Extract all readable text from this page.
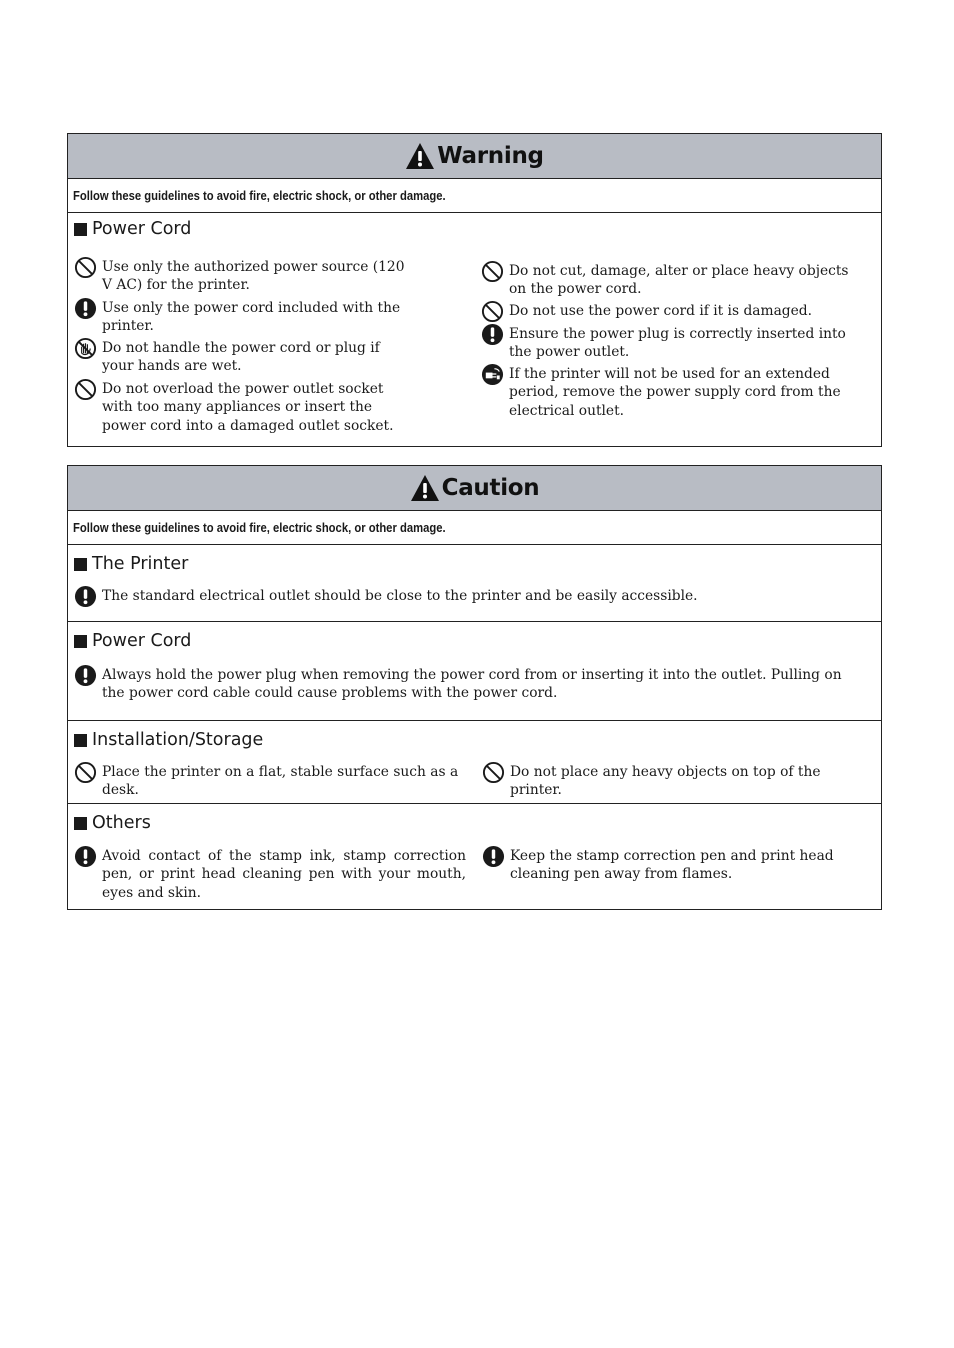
Warning
Follow these guidelines to avoid fire, electric shock, or other damage.
Power Cord
Use only the authorized power source (120 V AC) for the printer.
Use only the power cord included with the printer.
Do not handle the power cord or plug if your hands are wet.
Do not overload the power outlet socket with too many appliances or insert the power cord into a damaged outlet socket.
Do not cut, damage, alter or place heavy objects on the power cord.
Do not use the power cord if it is damaged.
Ensure the power plug is correctly inserted into the power outlet.
If the printer will not be used for an extended period, remove the power supply cord from the electrical outlet.
Caution
Follow these guidelines to avoid fire, electric shock, or other damage.
The Printer
The standard electrical outlet should be close to the printer and be easily accessible.
Power Cord
Always hold the power plug when removing the power cord from or inserting it into the outlet. Pulling on the power cord cable could cause problems with the power cord.
Installation/Storage
Place the printer on a flat, stable surface such as a desk.
Do not place any heavy objects on top of the printer.
Others
Avoid contact of the stamp ink, stamp correction pen, or print head cleaning pen with your mouth, eyes and skin.
Keep the stamp correction pen and print head cleaning pen away from flames.
